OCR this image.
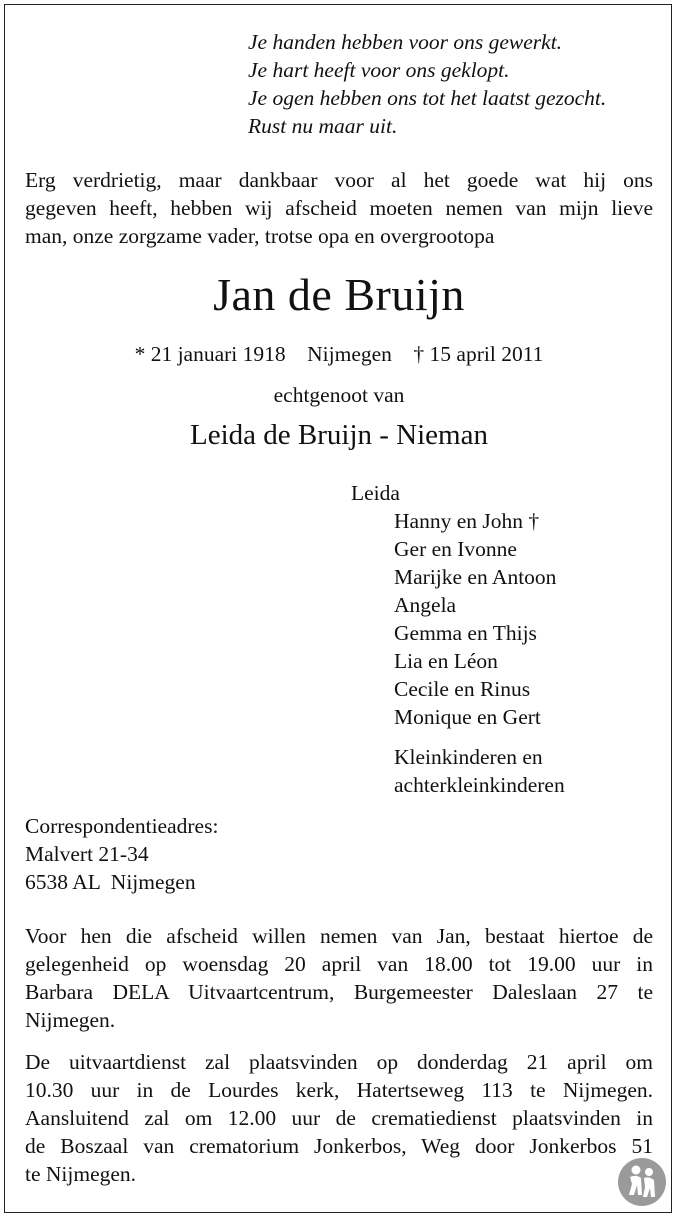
Je handen hebben voor ons gewerkt.
Je hart heeft voor ons geklopt.
Je ogen hebben ons tot het laatst gezocht.
Rust nu maar uit.
Erg verdrietig, maar dankbaar voor al het goede wat hij ons
gegeven heeft, hebben wij afscheid moeten nemen van mijn lieve
man, onze zorgzame vader, trotse opa en overgrootopa
Jan de Bruijn
* 21 januari 1918    Nijmegen    † 15 april 2011
echtgenoot van
Leida de Bruijn - Nieman
Leida
Hanny en John †
Ger en Ivonne
Marijke en Antoon
Angela
Gemma en Thijs
Lia en Léon
Cecile en Rinus
Monique en Gert
Kleinkinderen en
achterkleinkinderen
Correspondentieadres:
Malvert 21-34
6538 AL  Nijmegen
Voor hen die afscheid willen nemen van Jan, bestaat hiertoe de
gelegenheid op woensdag 20 april van 18.00 tot 19.00 uur in
Barbara DELA Uitvaartcentrum, Burgemeester Daleslaan 27 te
Nijmegen.
De uitvaartdienst zal plaatsvinden op donderdag 21 april om
10.30 uur in de Lourdes kerk, Hatertseweg 113 te Nijmegen.
Aansluitend zal om 12.00 uur de crematiedienst plaatsvinden in
de Boszaal van crematorium Jonkerbos, Weg door Jonkerbos 51
te Nijmegen.
